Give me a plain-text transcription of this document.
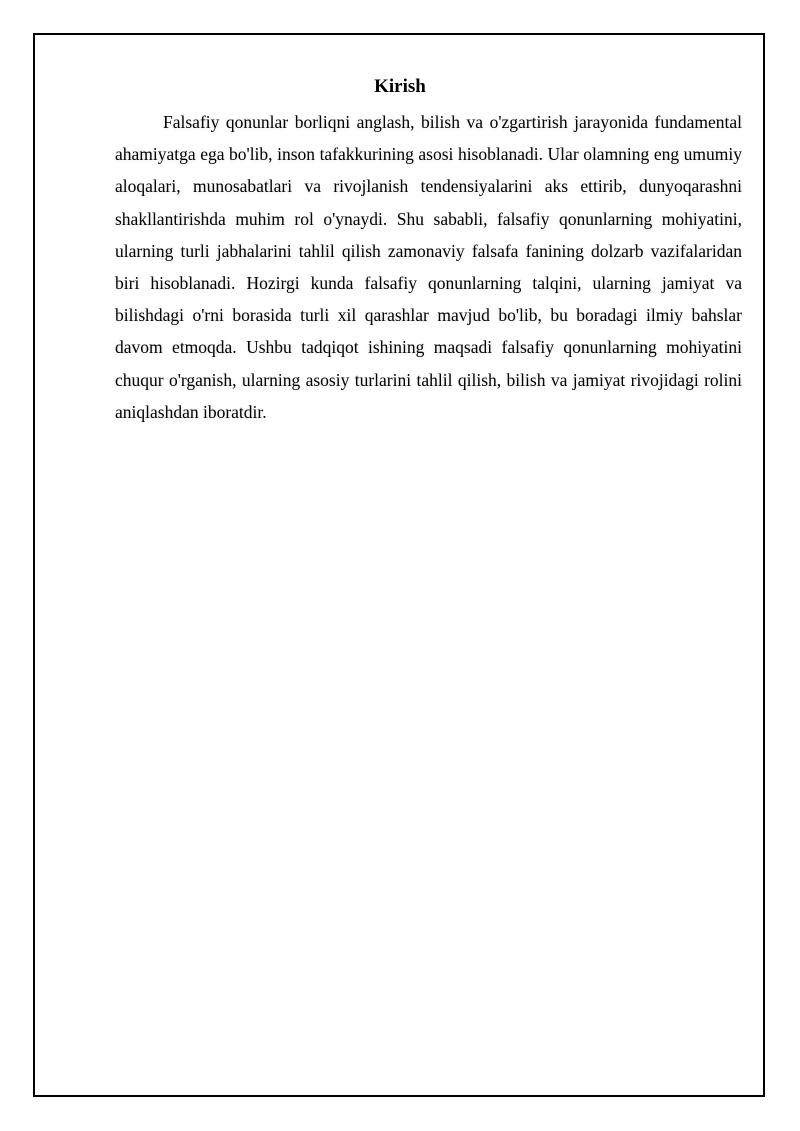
Kirish

Falsafiy qonunlar borliqni anglash, bilish va o'zgartirish jarayonida fundamental ahamiyatga ega bo'lib, inson tafakkurining asosi hisoblanadi. Ular olamning eng umumiy aloqalari, munosabatlari va rivojlanish tendensiyalarini aks ettirib, dunyoqarashni shakllantirishda muhim rol o'ynaydi. Shu sababli, falsafiy qonunlarning mohiyatini, ularning turli jabhalarini tahlil qilish zamonaviy falsafa fanining dolzarb vazifalaridan biri hisoblanadi. Hozirgi kunda falsafiy qonunlarning talqini, ularning jamiyat va bilishdagi o'rni borasida turli xil qarashlar mavjud bo'lib, bu boradagi ilmiy bahslar davom etmoqda. Ushbu tadqiqot ishining maqsadi falsafiy qonunlarning mohiyatini chuqur o'rganish, ularning asosiy turlarini tahlil qilish, bilish va jamiyat rivojidagi rolini aniqlashdan iboratdir.
